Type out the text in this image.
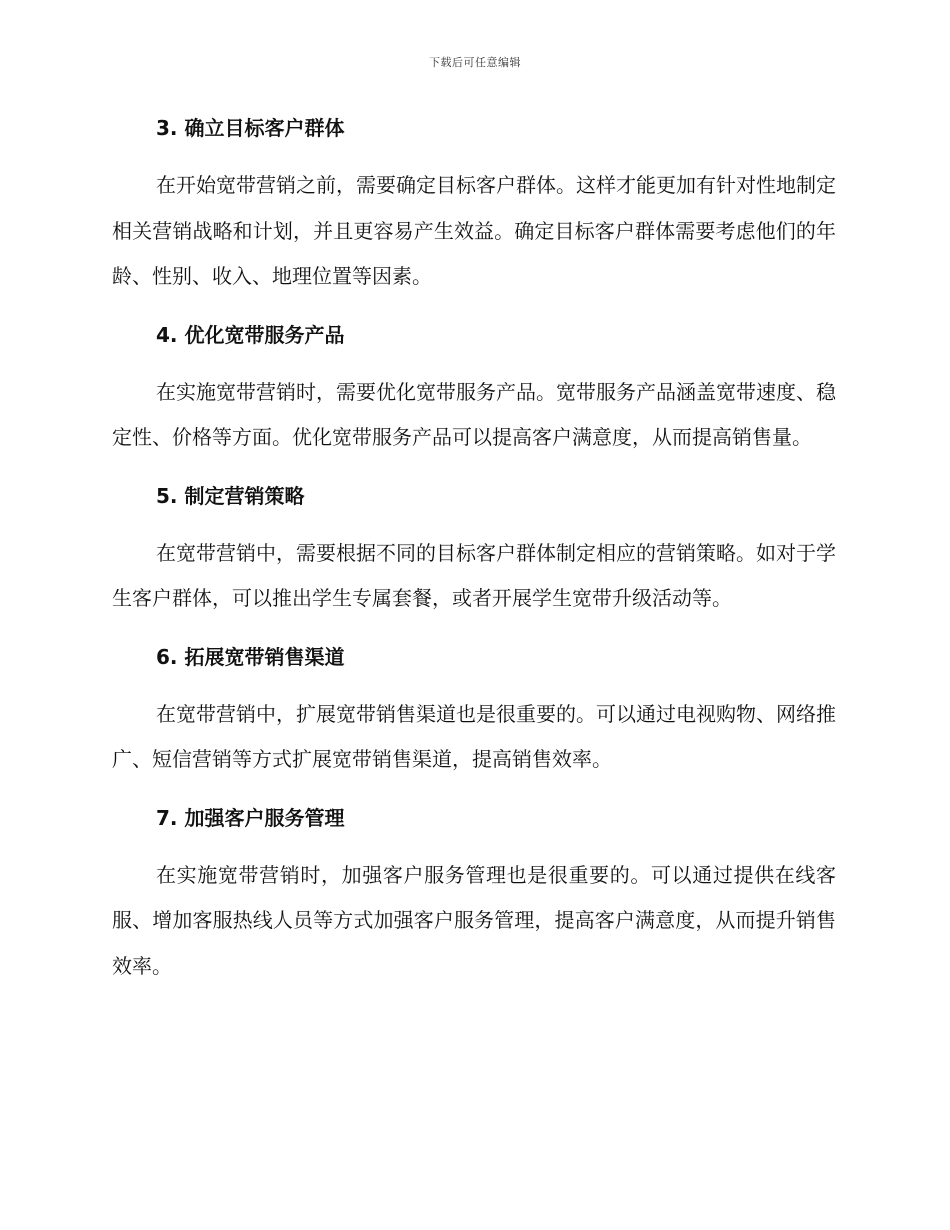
下载后可任意编辑
3. 确立目标客户群体

在开始宽带营销之前，需要确定目标客户群体。这样才能更加有针对性地制定相关营销战略和计划，并且更容易产生效益。确定目标客户群体需要考虑他们的年龄、性别、收入、地理位置等因素。

4. 优化宽带服务产品

在实施宽带营销时，需要优化宽带服务产品。宽带服务产品涵盖宽带速度、稳定性、价格等方面。优化宽带服务产品可以提高客户满意度，从而提高销售量。

5. 制定营销策略

在宽带营销中，需要根据不同的目标客户群体制定相应的营销策略。如对于学生客户群体，可以推出学生专属套餐，或者开展学生宽带升级活动等。

6. 拓展宽带销售渠道

在宽带营销中，扩展宽带销售渠道也是很重要的。可以通过电视购物、网络推广、短信营销等方式扩展宽带销售渠道，提高销售效率。

7. 加强客户服务管理

在实施宽带营销时，加强客户服务管理也是很重要的。可以通过提供在线客服、增加客服热线人员等方式加强客户服务管理，提高客户满意度，从而提升销售效率。
